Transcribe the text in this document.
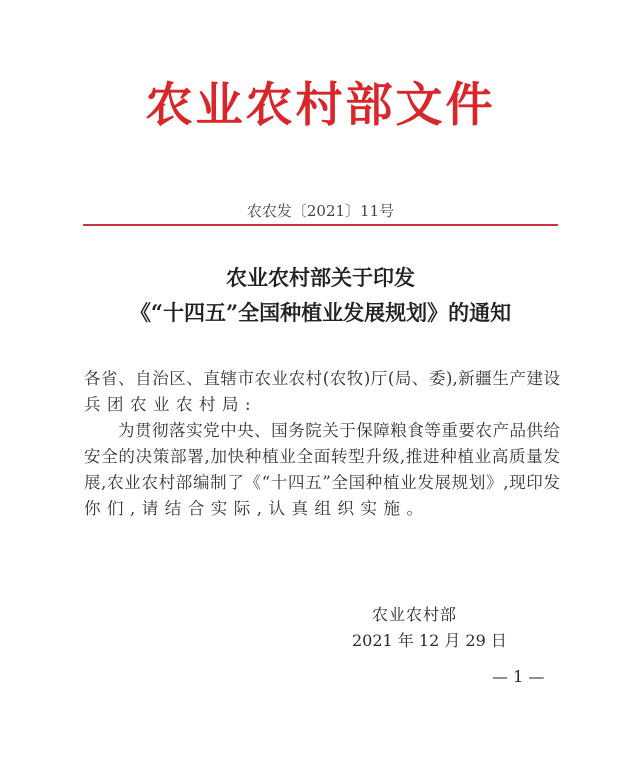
农业农村部文件
农农发〔2021〕11号
农业农村部关于印发
《“十四五”全国种植业发展规划》的通知
各省、自治区、直辖市农业农村(农牧)厅(局、委),新疆生产建设
兵团农业农村局:
为贯彻落实党中央、国务院关于保障粮食等重要农产品供给
安全的决策部署,加快种植业全面转型升级,推进种植业高质量发
展,农业农村部编制了《“十四五”全国种植业发展规划》,现印发
你们,请结合实际,认真组织实施。
农业农村部
2021 年 12 月 29 日
— 1 —
